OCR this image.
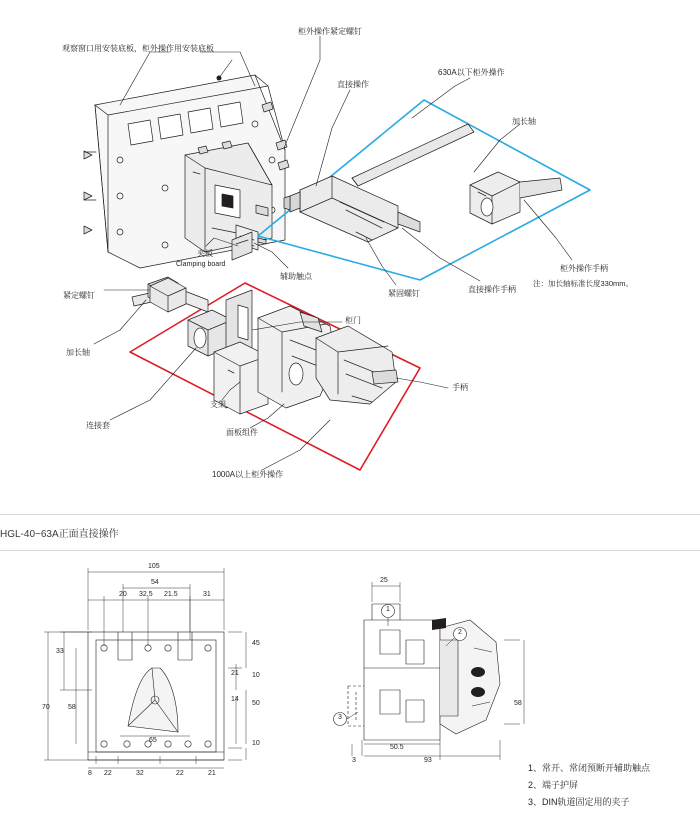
观察窗口用安装底板，柜外操作用安装底板
柜外操作紧定螺钉
直接操作
630A以下柜外操作
加长轴
夹板
Clamping board
辅助触点
紧固螺钉	直接操作手柄
柜外操作手柄
紧定螺钉
加长轴
柜门
手柄
连接套
支架
面板组件
1000A以上柜外操作
注：加长轴标准长度330mm。
HGL-40~63A正面直接操作
105
54
20 32.5 21.5	31
33
45
21 10
14
50
70	58
10
65
8 22	32	22	21
25
58
50.5
93
3
1
2
3
1、常开、常闭预断开辅助触点
2、端子护屏
3、DIN轨道固定用的夹子
